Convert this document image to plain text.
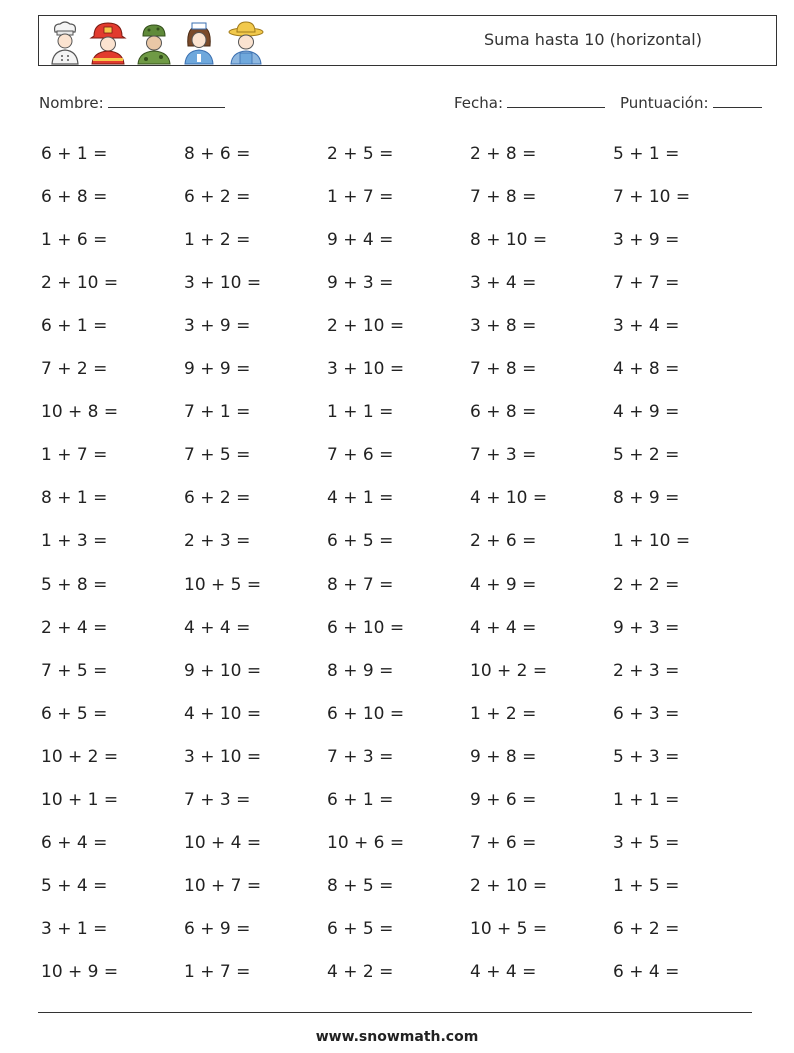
Suma hasta 10 (horizontal)
Nombre:	Fecha:	Puntuación:
6 + 1 =	8 + 6 =	2 + 5 =	2 + 8 =	5 + 1 =
6 + 8 =	6 + 2 =	1 + 7 =	7 + 8 =	7 + 10 =
1 + 6 =	1 + 2 =	9 + 4 =	8 + 10 =	3 + 9 =
2 + 10 =	3 + 10 =	9 + 3 =	3 + 4 =	7 + 7 =
6 + 1 =	3 + 9 =	2 + 10 =	3 + 8 =	3 + 4 =
7 + 2 =	9 + 9 =	3 + 10 =	7 + 8 =	4 + 8 =
10 + 8 =	7 + 1 =	1 + 1 =	6 + 8 =	4 + 9 =
1 + 7 =	7 + 5 =	7 + 6 =	7 + 3 =	5 + 2 =
8 + 1 =	6 + 2 =	4 + 1 =	4 + 10 =	8 + 9 =
1 + 3 =	2 + 3 =	6 + 5 =	2 + 6 =	1 + 10 =
5 + 8 =	10 + 5 =	8 + 7 =	4 + 9 =	2 + 2 =
2 + 4 =	4 + 4 =	6 + 10 =	4 + 4 =	9 + 3 =
7 + 5 =	9 + 10 =	8 + 9 =	10 + 2 =	2 + 3 =
6 + 5 =	4 + 10 =	6 + 10 =	1 + 2 =	6 + 3 =
10 + 2 =	3 + 10 =	7 + 3 =	9 + 8 =	5 + 3 =
10 + 1 =	7 + 3 =	6 + 1 =	9 + 6 =	1 + 1 =
6 + 4 =	10 + 4 =	10 + 6 =	7 + 6 =	3 + 5 =
5 + 4 =	10 + 7 =	8 + 5 =	2 + 10 =	1 + 5 =
3 + 1 =	6 + 9 =	6 + 5 =	10 + 5 =	6 + 2 =
10 + 9 =	1 + 7 =	4 + 2 =	4 + 4 =	6 + 4 =
www.snowmath.com
